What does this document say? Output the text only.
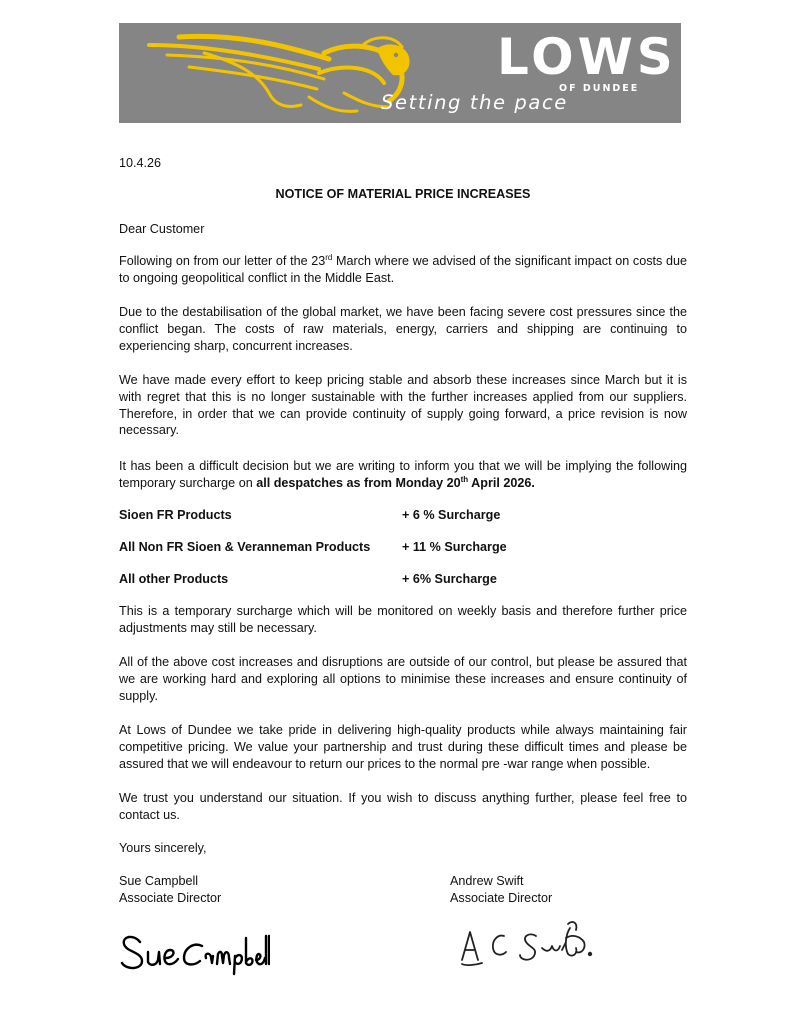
LOWS
OF DUNDEE
Setting the pace
10.4.26
NOTICE OF MATERIAL PRICE INCREASES
Dear Customer
Following on from our letter of the 23rd March where we advised of the significant impact on costs due to ongoing geopolitical conflict in the Middle East.
Due to the destabilisation of the global market, we have been facing severe cost pressures since the conflict began. The costs of raw materials, energy, carriers and shipping are continuing to experiencing sharp, concurrent increases.
We have made every effort to keep pricing stable and absorb these increases since March but it is with regret that this is no longer sustainable with the further increases applied from our suppliers. Therefore, in order that we can provide continuity of supply going forward, a price revision is now necessary.
It has been a difficult decision but we are writing to inform you that we will be implying the following temporary surcharge on all despatches as from Monday 20th April 2026.
Sioen FR Products	+ 6 % Surcharge
All Non FR Sioen & Veranneman Products	+ 11 % Surcharge
All other Products	+ 6% Surcharge
This is a temporary surcharge which will be monitored on weekly basis and therefore further price adjustments may still be necessary.
All of the above cost increases and disruptions are outside of our control, but please be assured that we are working hard and exploring all options to minimise these increases and ensure continuity of supply.
At Lows of Dundee we take pride in delivering high-quality products while always maintaining fair competitive pricing. We value your partnership and trust during these difficult times and please be assured that we will endeavour to return our prices to the normal pre -war range when possible.
We trust you understand our situation. If you wish to discuss anything further, please feel free to contact us.
Yours sincerely,
Sue Campbell
Associate Director
Andrew Swift
Associate Director
